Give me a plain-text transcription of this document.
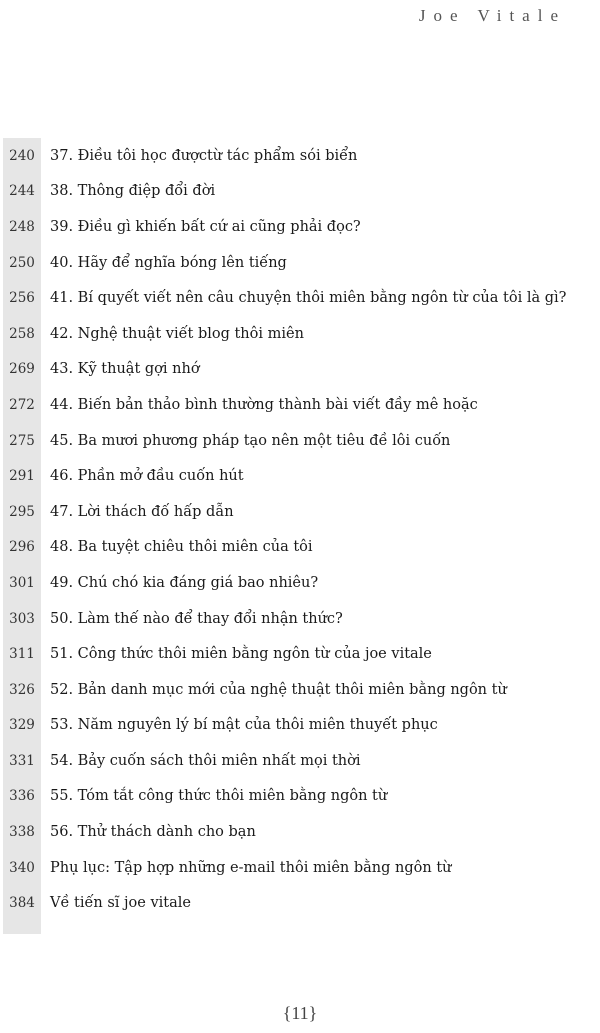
Joe Vitale
240	37. Điều tôi học đượctừ tác phẩm sói biển
244	38. Thông điệp đổi đời
248	39. Điều gì khiến bất cứ ai cũng phải đọc?
250	40. Hãy để nghĩa bóng lên tiếng
256	41. Bí quyết viết nên câu chuyện thôi miên bằng ngôn từ của tôi là gì?
258	42. Nghệ thuật viết blog thôi miên
269	43. Kỹ thuật gợi nhớ
272	44. Biến bản thảo bình thường thành bài viết đầy mê hoặc
275	45. Ba mươi phương pháp tạo nên một tiêu đề lôi cuốn
291	46. Phần mở đầu cuốn hút
295	47. Lời thách đố hấp dẫn
296	48. Ba tuyệt chiêu thôi miên của tôi
301	49. Chú chó kia đáng giá bao nhiêu?
303	50. Làm thế nào để thay đổi nhận thức?
311	51. Công thức thôi miên bằng ngôn từ của joe vitale
326	52. Bản danh mục mới của nghệ thuật thôi miên bằng ngôn từ
329	53. Năm nguyên lý bí mật của thôi miên thuyết phục
331	54. Bảy cuốn sách thôi miên nhất mọi thời
336	55. Tóm tắt công thức thôi miên bằng ngôn từ
338	56. Thử thách dành cho bạn
340	Phụ lục: Tập hợp những e-mail thôi miên bằng ngôn từ
384	Về tiến sĩ joe vitale
{11}
